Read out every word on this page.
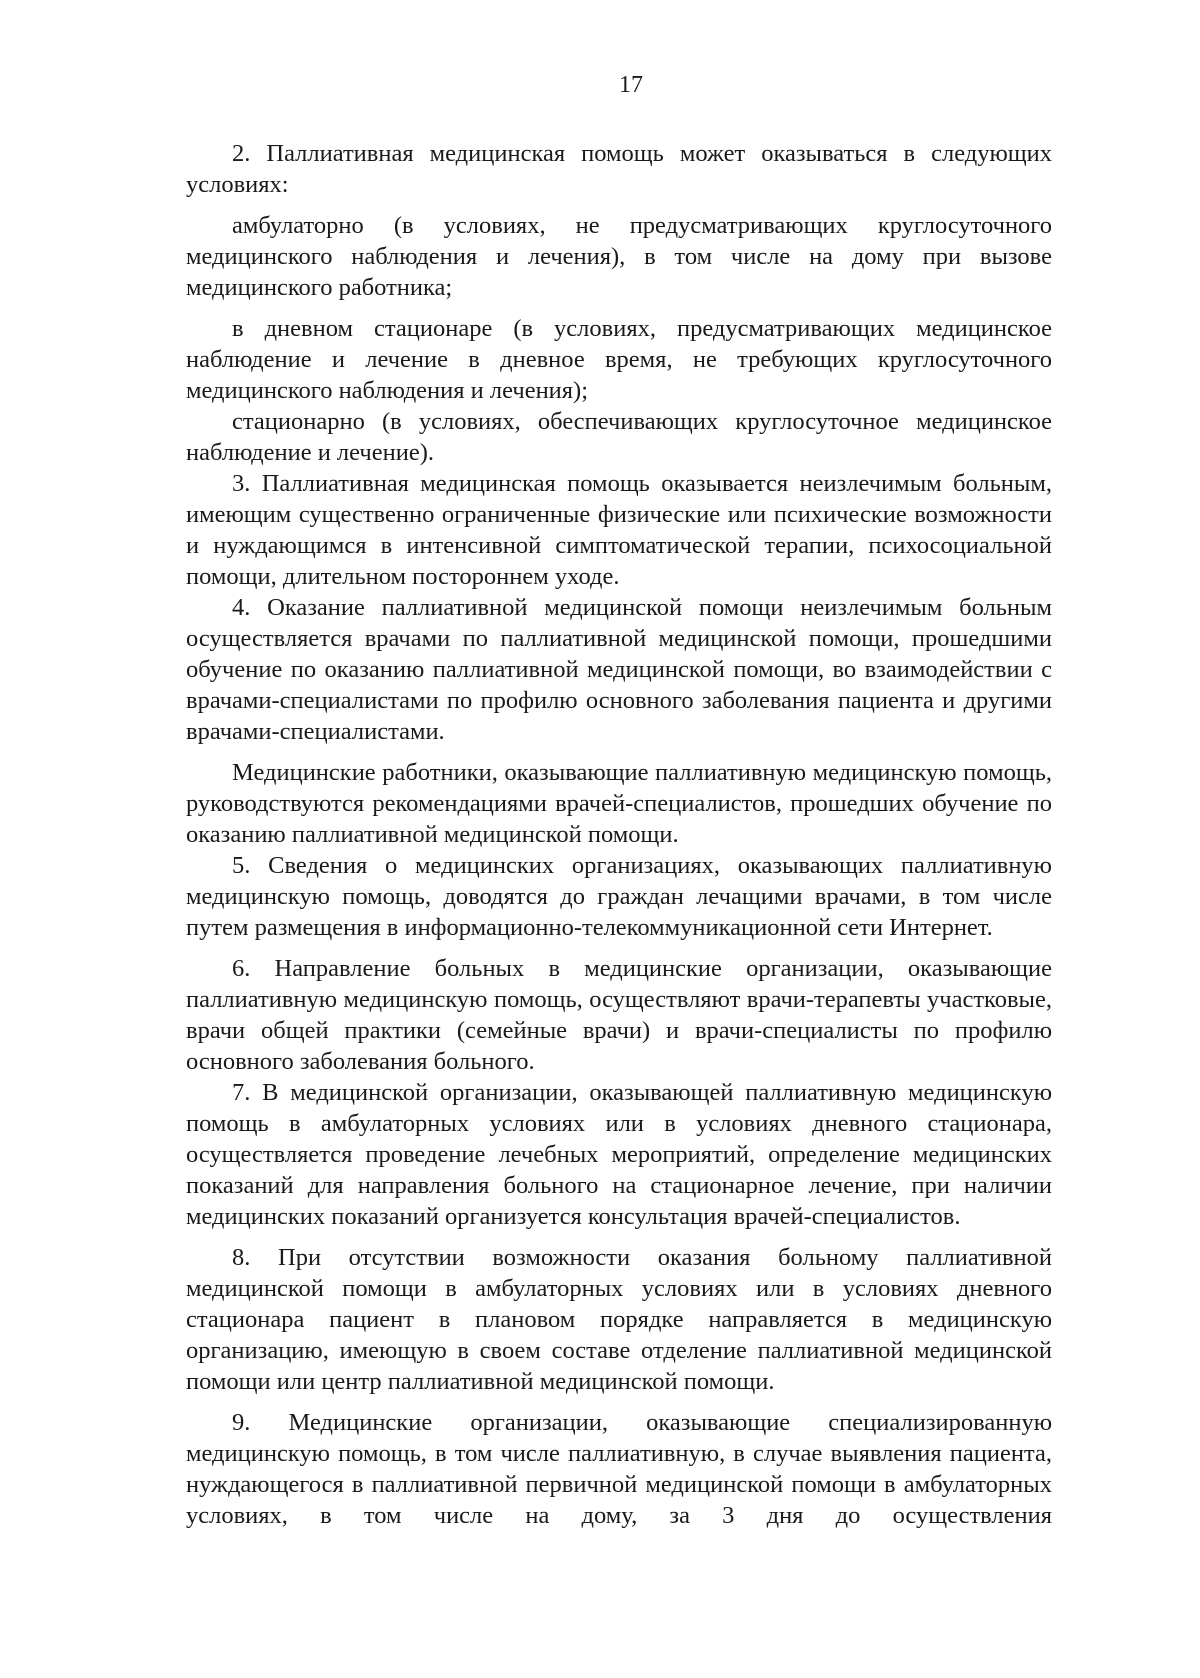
17

2. Паллиативная медицинская помощь может оказываться в следующих условиях:

амбулаторно (в условиях, не предусматривающих круглосуточного медицинского наблюдения и лечения), в том числе на дому при вызове медицинского работника;

в дневном стационаре (в условиях, предусматривающих медицинское наблюдение и лечение в дневное время, не требующих круглосуточного медицинского наблюдения и лечения);

стационарно (в условиях, обеспечивающих круглосуточное медицинское наблюдение и лечение).

3. Паллиативная медицинская помощь оказывается неизлечимым больным, имеющим существенно ограниченные физические или психические возможности и нуждающимся в интенсивной симптоматической терапии, психосоциальной помощи, длительном постороннем уходе.

4. Оказание паллиативной медицинской помощи неизлечимым больным осуществляется врачами по паллиативной медицинской помощи, прошедшими обучение по оказанию паллиативной медицинской помощи, во взаимодействии с врачами-специалистами по профилю основного заболевания пациента и другими врачами-специалистами.

Медицинские работники, оказывающие паллиативную медицинскую помощь, руководствуются рекомендациями врачей-специалистов, прошедших обучение по оказанию паллиативной медицинской помощи.

5. Сведения о медицинских организациях, оказывающих паллиативную медицинскую помощь, доводятся до граждан лечащими врачами, в том числе путем размещения в информационно-телекоммуникационной сети Интернет.

6. Направление больных в медицинские организации, оказывающие паллиативную медицинскую помощь, осуществляют врачи-терапевты участковые, врачи общей практики (семейные врачи) и врачи-специалисты по профилю основного заболевания больного.

7. В медицинской организации, оказывающей паллиативную медицинскую помощь в амбулаторных условиях или в условиях дневного стационара, осуществляется проведение лечебных мероприятий, определение медицинских показаний для направления больного на стационарное лечение, при наличии медицинских показаний организуется консультация врачей-специалистов.

8. При отсутствии возможности оказания больному паллиативной медицинской помощи в амбулаторных условиях или в условиях дневного стационара пациент в плановом порядке направляется в медицинскую организацию, имеющую в своем составе отделение паллиативной медицинской помощи или центр паллиативной медицинской помощи.

9. Медицинские организации, оказывающие специализированную медицинскую помощь, в том числе паллиативную, в случае выявления пациента, нуждающегося в паллиативной первичной медицинской помощи в амбулаторных условиях, в том числе на дому, за 3 дня до осуществления
